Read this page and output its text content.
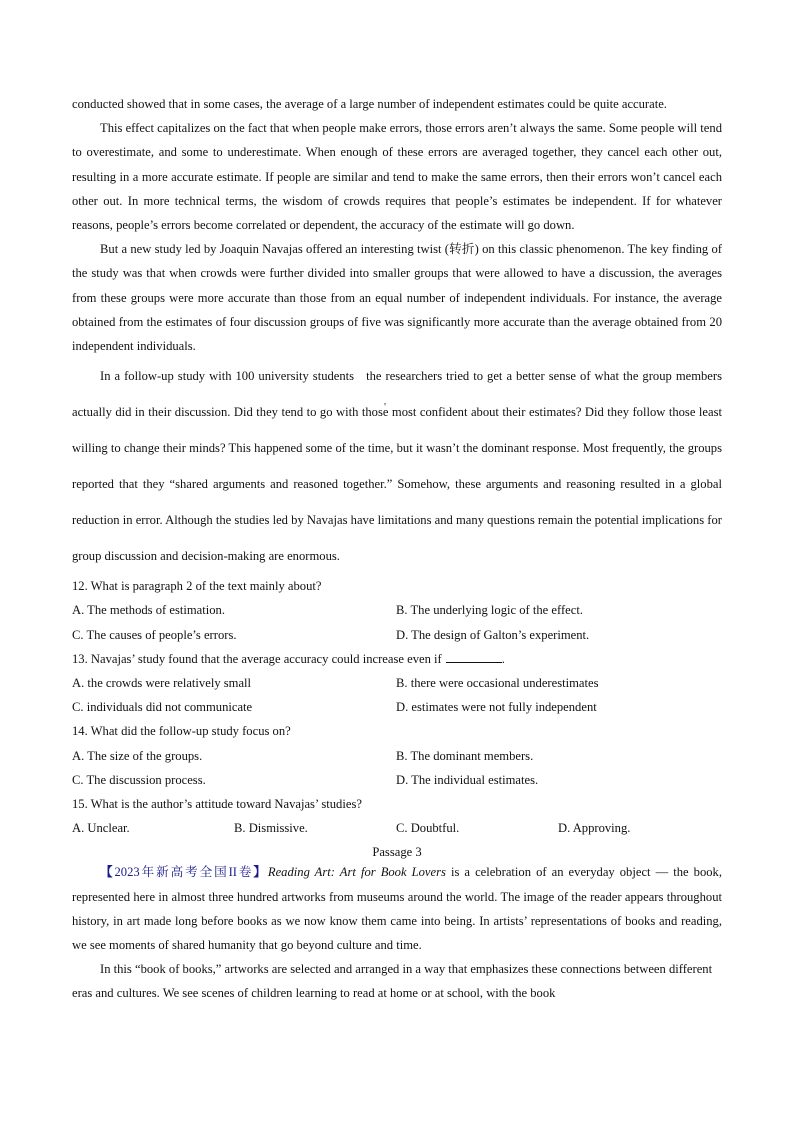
conducted showed that in some cases, the average of a large number of independent estimates could be quite accurate.

This effect capitalizes on the fact that when people make errors, those errors aren’t always the same. Some people will tend to overestimate, and some to underestimate. When enough of these errors are averaged together, they cancel each other out, resulting in a more accurate estimate. If people are similar and tend to make the same errors, then their errors won’t cancel each other out. In more technical terms, the wisdom of crowds requires that people’s estimates be independent. If for whatever reasons, people’s errors become correlated or dependent, the accuracy of the estimate will go down.

But a new study led by Joaquin Navajas offered an interesting twist (转折) on this classic phenomenon. The key finding of the study was that when crowds were further divided into smaller groups that were allowed to have a discussion, the averages from these groups were more accurate than those from an equal number of independent individuals. For instance, the average obtained from the estimates of four discussion groups of five was significantly more accurate than the average obtained from 20 independent individuals.

In a follow-up study with 100 university students the researchers tried to get a better sense of what the group members actually did in their discussion. Did they tend to go with those most confident about their estimates? Did they follow those least willing to change their minds? This happened some of the time, but it wasn’t the dominant response. Most frequently, the groups reported that they “shared arguments and reasoned together.” Somehow, these arguments and reasoning resulted in a global reduction in error. Although the studies led by Navajas have limitations and many questions remain the potential implications for group discussion and decision-making are enormous.

12. What is paragraph 2 of the text mainly about?

A. The methods of estimation.	B. The underlying logic of the effect.
C. The causes of people’s errors.	D. The design of Galton’s experiment.

13. Navajas’ study found that the average accuracy could increase even if	.

A. the crowds were relatively small	B. there were occasional underestimates
C. individuals did not communicate	D. estimates were not fully independent

14. What did the follow-up study focus on?

A. The size of the groups.	B. The dominant members.
C. The discussion process.	D. The individual estimates.

15. What is the author’s attitude toward Navajas’ studies?

A. Unclear.	B. Dismissive.	C. Doubtful.	D. Approving.
Passage 3

【2023年新高考全国II卷】Reading Art: Art for Book Lovers is a celebration of an everyday object — the book, represented here in almost three hundred artworks from museums around the world. The image of the reader appears throughout history, in art made long before books as we now know them came into being. In artists’ representations of books and reading, we see moments of shared humanity that go beyond culture and time.

In this “book of books,” artworks are selected and arranged in a way that emphasizes these connections between different eras and cultures. We see scenes of children learning to read at home or at school, with the book
